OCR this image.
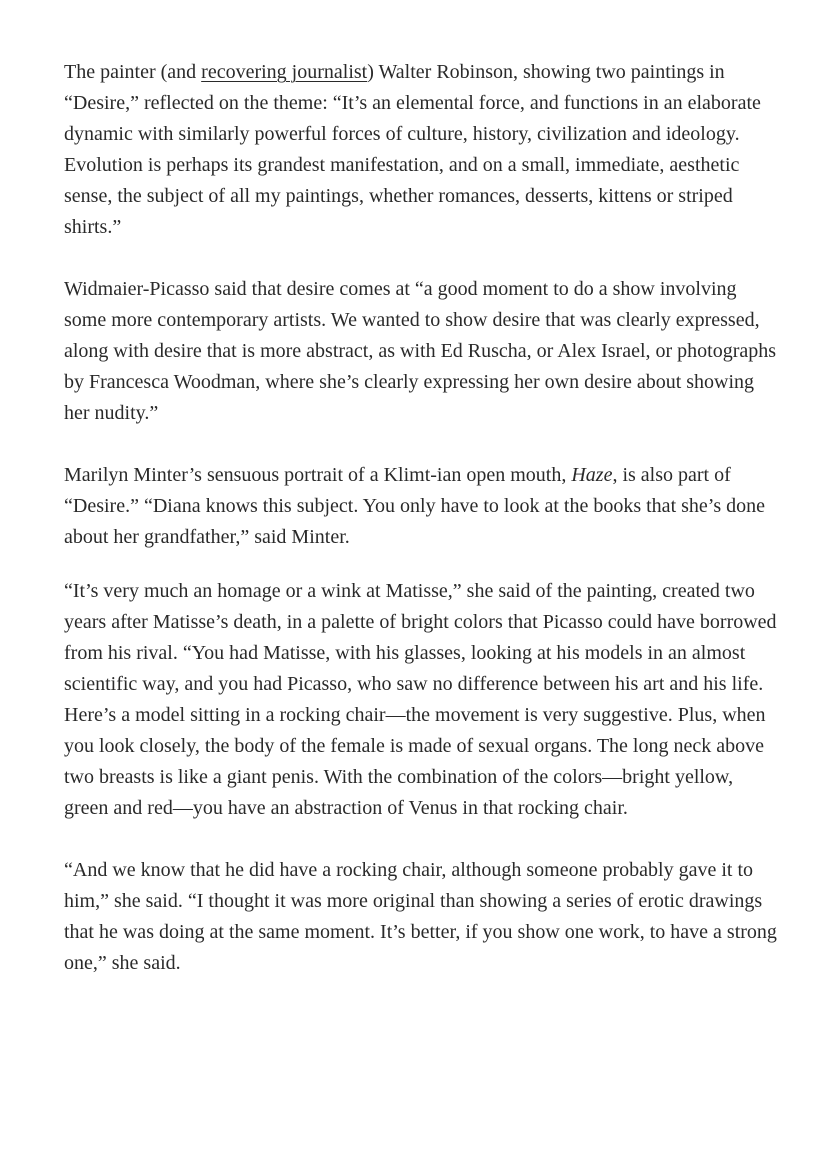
The painter (and recovering journalist) Walter Robinson, showing two paintings in “Desire,” reflected on the theme: “It’s an elemental force, and functions in an elaborate dynamic with similarly powerful forces of culture, history, civilization and ideology. Evolution is perhaps its grandest manifestation, and on a small, immediate, aesthetic sense, the subject of all my paintings, whether romances, desserts, kittens or striped shirts.”

Widmaier-Picasso said that desire comes at “a good moment to do a show involving some more contemporary artists. We wanted to show desire that was clearly expressed, along with desire that is more abstract, as with Ed Ruscha, or Alex Israel, or photographs by Francesca Woodman, where she’s clearly expressing her own desire about showing her nudity.”

Marilyn Minter’s sensuous portrait of a Klimt-ian open mouth, Haze, is also part of “Desire.” “Diana knows this subject. You only have to look at the books that she’s done about her grandfather,” said Minter.

“It’s very much an homage or a wink at Matisse,” she said of the painting, created two years after Matisse’s death, in a palette of bright colors that Picasso could have borrowed from his rival. “You had Matisse, with his glasses, looking at his models in an almost scientific way, and you had Picasso, who saw no difference between his art and his life. Here’s a model sitting in a rocking chair—the movement is very suggestive. Plus, when you look closely, the body of the female is made of sexual organs. The long neck above two breasts is like a giant penis. With the combination of the colors—bright yellow, green and red—you have an abstraction of Venus in that rocking chair.

“And we know that he did have a rocking chair, although someone probably gave it to him,” she said. “I thought it was more original than showing a series of erotic drawings that he was doing at the same moment. It’s better, if you show one work, to have a strong one,” she said.
